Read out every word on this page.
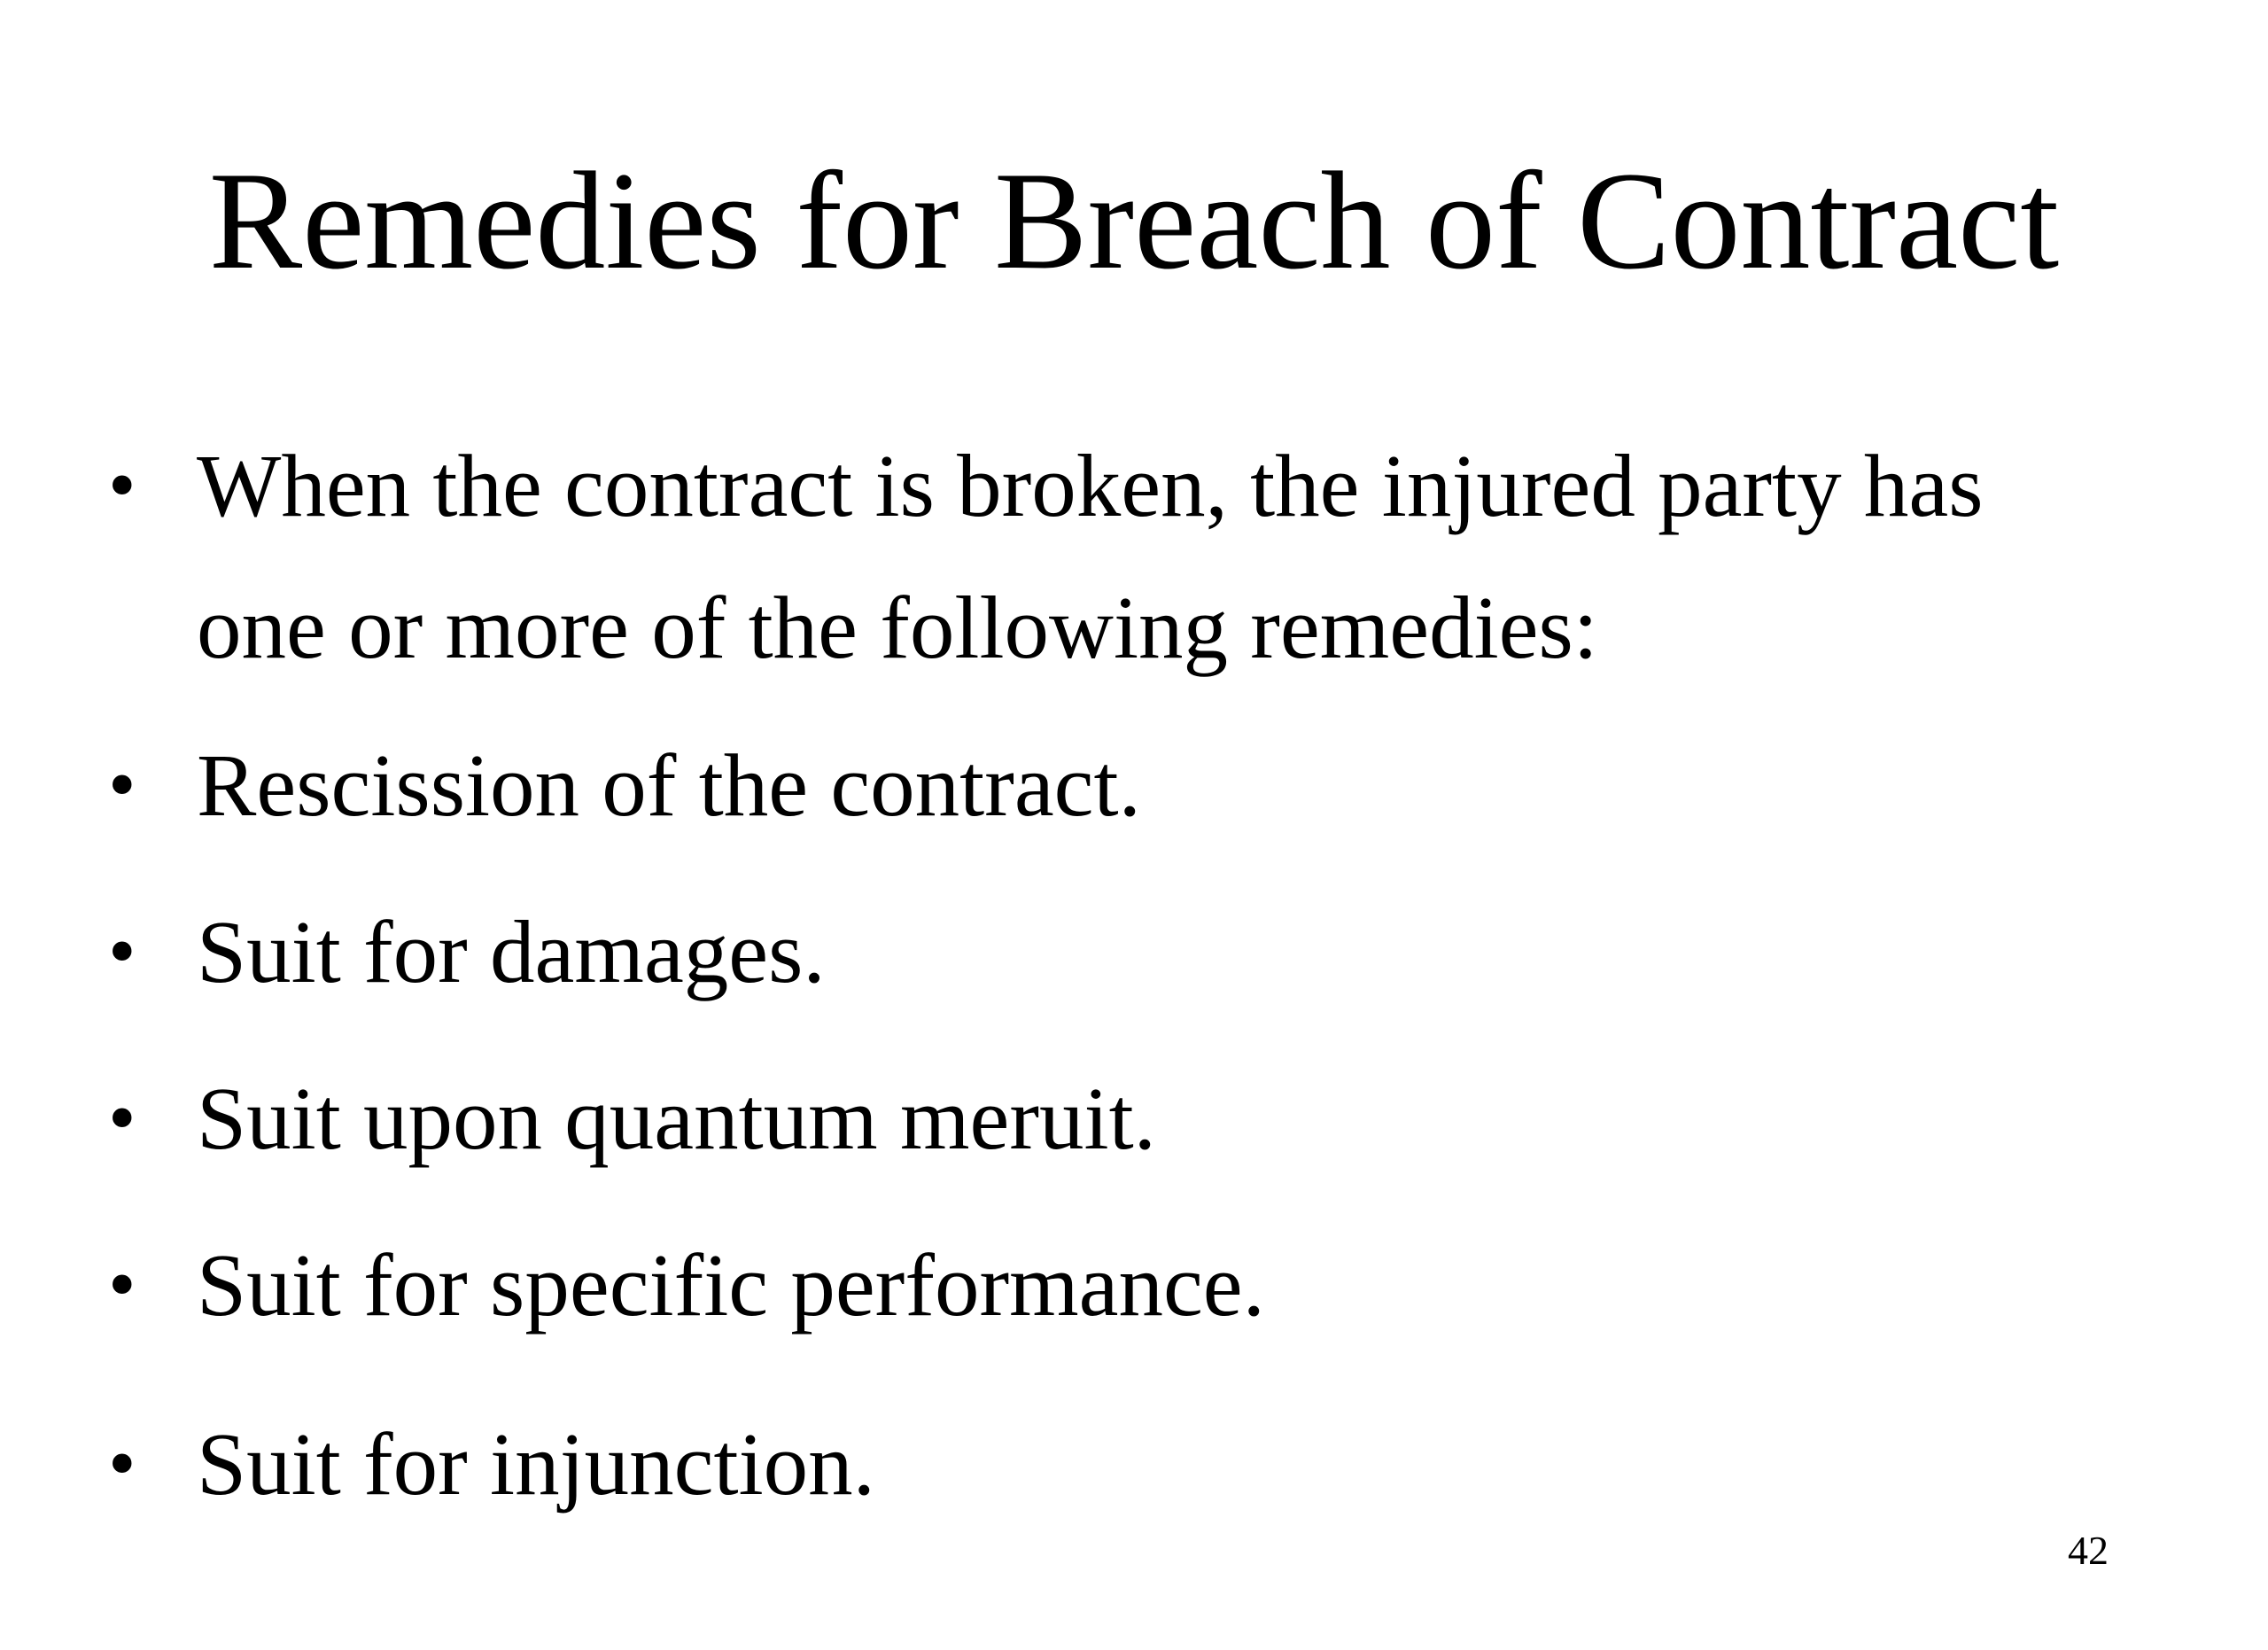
Remedies for Breach of Contract
• When the contract is broken, the injured party has
one or more of the following remedies:
• Rescission of the contract.
• Suit for damages.
• Suit upon quantum meruit.
• Suit for specific performance.
• Suit for injunction.
42
